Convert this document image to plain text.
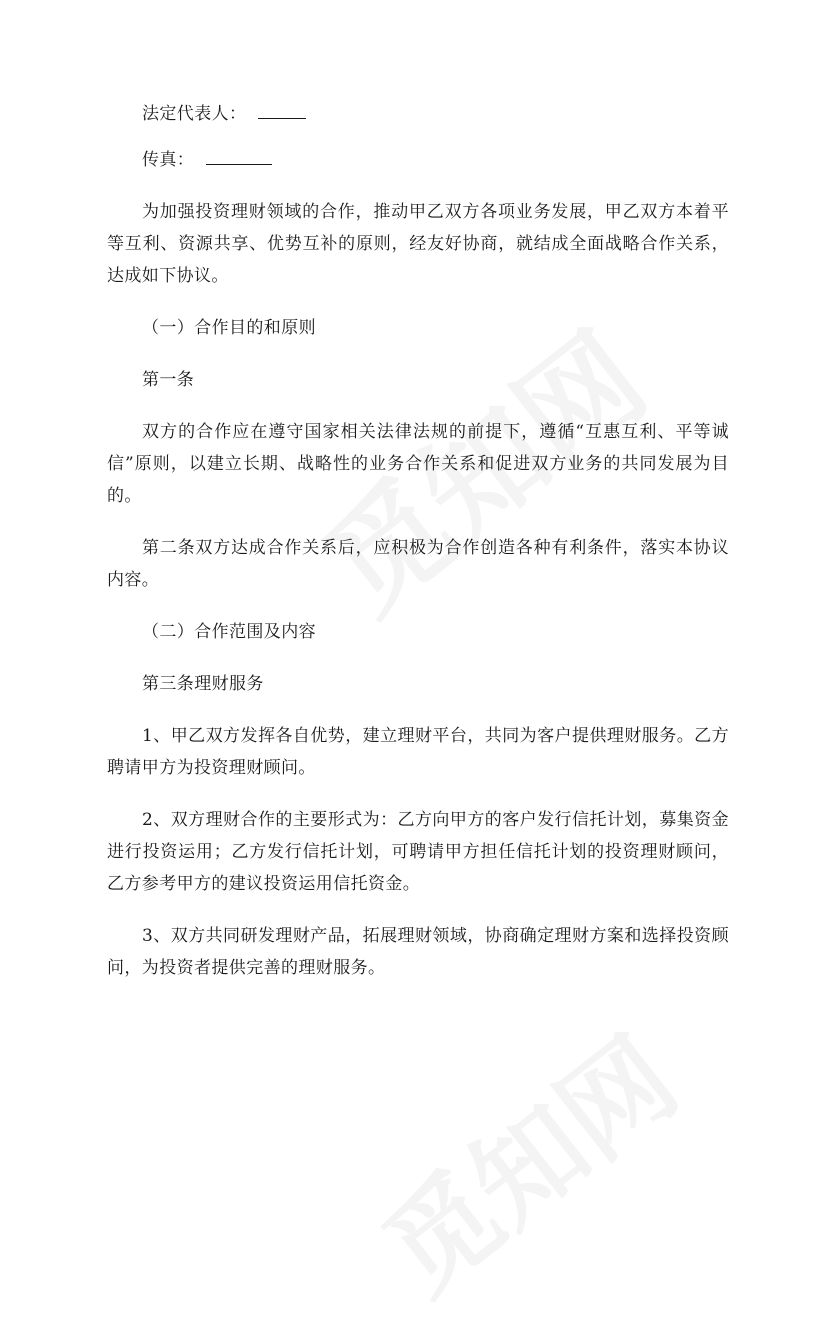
法定代表人：
传真：

为加强投资理财领域的合作，推动甲乙双方各项业务发展，甲乙双方本着平等互利、资源共享、优势互补的原则，经友好协商，就结成全面战略合作关系，达成如下协议。

（一）合作目的和原则
第一条

双方的合作应在遵守国家相关法律法规的前提下，遵循“互惠互利、平等诚信”原则，以建立长期、战略性的业务合作关系和促进双方业务的共同发展为目的。

第二条双方达成合作关系后，应积极为合作创造各种有利条件，落实本协议内容。

（二）合作范围及内容
第三条理财服务

1、甲乙双方发挥各自优势，建立理财平台，共同为客户提供理财服务。乙方聘请甲方为投资理财顾问。

2、双方理财合作的主要形式为：乙方向甲方的客户发行信托计划，募集资金进行投资运用；乙方发行信托计划，可聘请甲方担任信托计划的投资理财顾问，乙方参考甲方的建议投资运用信托资金。

3、双方共同研发理财产品，拓展理财领域，协商确定理财方案和选择投资顾问，为投资者提供完善的理财服务。
